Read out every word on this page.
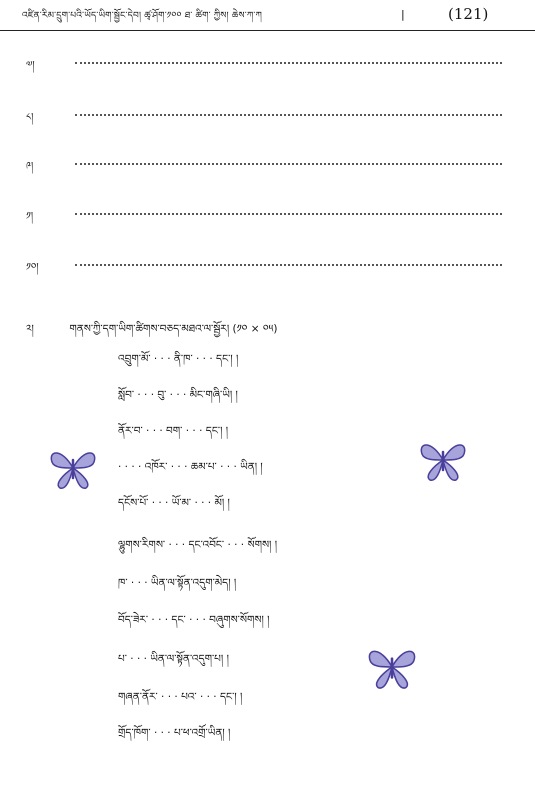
འཛིན་རིམ་དྲུག་པའི་ཡོད་ཡིག་སྦྱོང་དེབ། ཚྭ་ཤོག་༡༠༠ ཐ༌ ཚིག་ ཀྱིས། ཆེས་ཀ་ཀ	|	(121)
༧།
༨།
༩།
༡།
༡༠།
༢།	གནས་ཀྱི་དག་ཡིག་ཚིགས་བཅད་མཐའ་ལ་སྦྱོར། (༡༠ × ༠༥)
འབྲུག་མོ་ · · · ནི་ཁ་ · · · དང་། །
སློབ་ · · · བུ་ · · · མིང་གཞི་ཡི། །
ནོར་བ་ · · · བག་ · · · དང་། །
· · · · འཁོར་ · · · ཆམ་པ་ · · · ཡིན། །
དངོས་པོ་ · · · ཡོ་མ་ · · · མོ། །
ལྷུགས་རིགས་ · · · དང་འབོང་ · · · སོགས། །
ཁ་ · · · ཡིན་ལ་སྟོན་འདུག་མེད། །
བོད་ཟེར་ · · · དང་ · · · བཞུགས་སོགས། །
པ་ · · · ཡིན་ལ་སྟོན་འདུག་པ། །
གཞན་ནོར་ · · · པའ་ · · · དང་། །
གྲོད་ཁོག་ · · · པ་ཕ་འགྲོ་ཡིན། །
